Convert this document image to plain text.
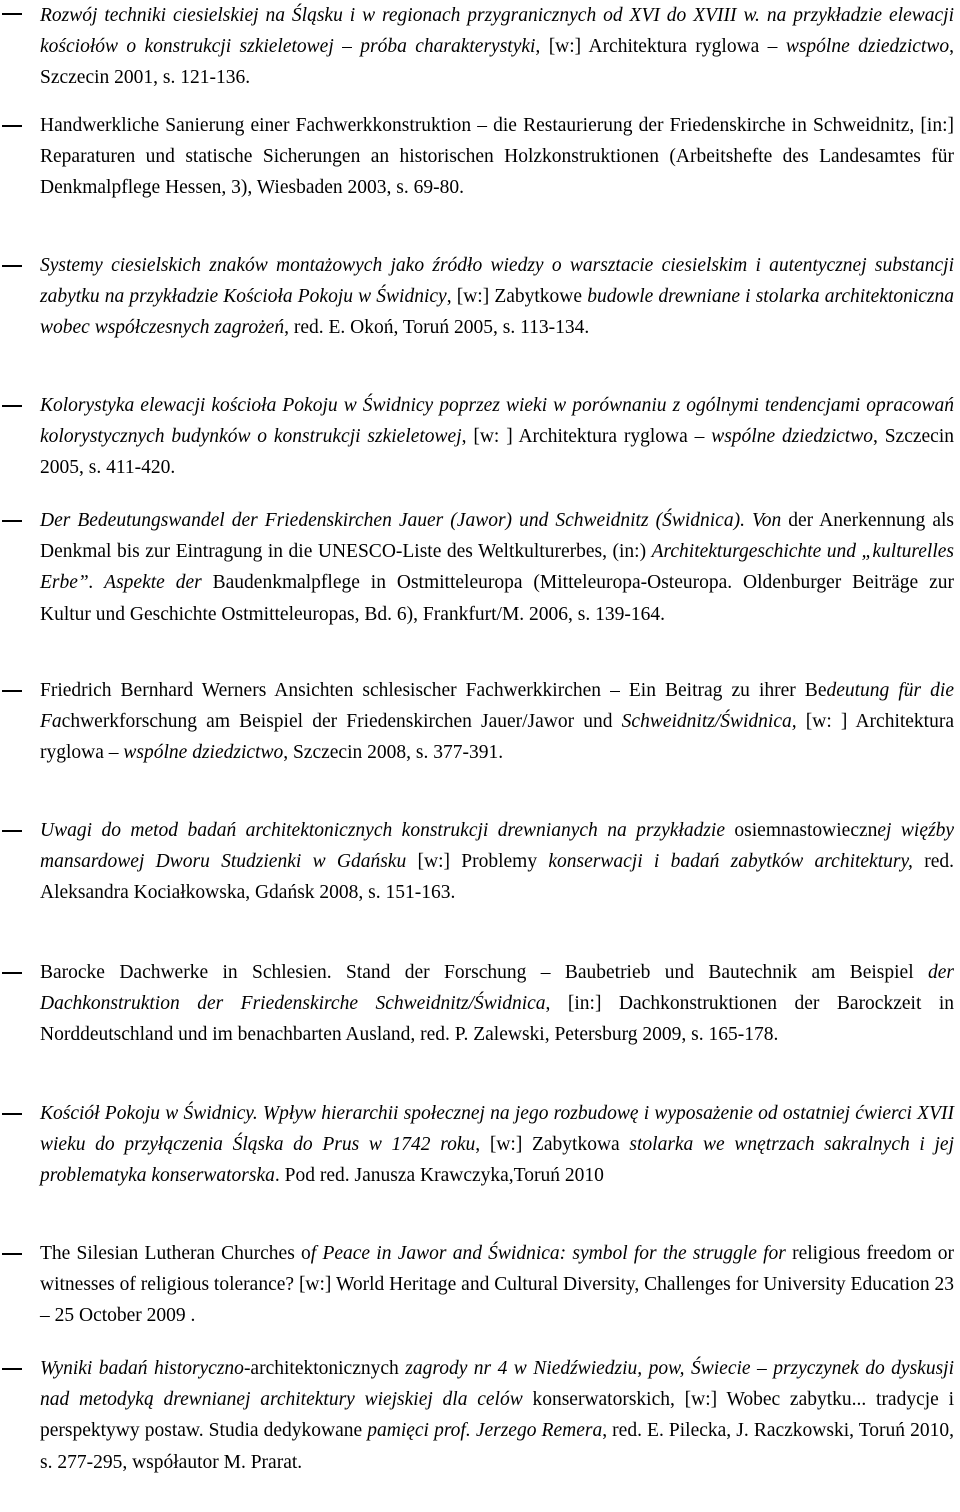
Rozwój techniki ciesielskiej na Śląsku i w regionach przygranicznych od XVI do XVIII w. na przykładzie elewacji kościołów o konstrukcji szkieletowej – próba charakterystyki, [w:] Architektura ryglowa – wspólne dziedzictwo, Szczecin 2001, s. 121-136.
Handwerkliche Sanierung einer Fachwerkkonstruktion – die Restaurierung der Friedenskirche in Schweidnitz, [in:] Reparaturen und statische Sicherungen an historischen Holzkonstruktionen (Arbeitshefte des Landesamtes für Denkmalpflege Hessen, 3), Wiesbaden 2003, s. 69-80.
Systemy ciesielskich znaków montażowych jako źródło wiedzy o warsztacie ciesielskim i autentycznej substancji zabytku na przykładzie Kościoła Pokoju w Świdnicy, [w:] Zabytkowe budowle drewniane i stolarka architektoniczna wobec współczesnych zagrożeń, red. E. Okoń, Toruń 2005, s. 113-134.
Kolorystyka elewacji kościoła Pokoju w Świdnicy poprzez wieki w porównaniu z ogólnymi tendencjami opracowań kolorystycznych budynków o konstrukcji szkieletowej, [w: ] Architektura ryglowa – wspólne dziedzictwo, Szczecin 2005, s. 411-420.
Der Bedeutungswandel der Friedenskirchen Jauer (Jawor) und Schweidnitz (Świdnica). Von der Anerkennung als Denkmal bis zur Eintragung in die UNESCO-Liste des Weltkulturerbes, (in:) Architekturgeschichte und „kulturelles Erbe”. Aspekte der Baudenkmalpflege in Ostmitteleuropa (Mitteleuropa-Osteuropa. Oldenburger Beiträge zur Kultur und Geschichte Ostmitteleuropas, Bd. 6), Frankfurt/M. 2006, s. 139-164.
Friedrich Bernhard Werners Ansichten schlesischer Fachwerkkirchen – Ein Beitrag zu ihrer Bedeutung für die Fachwerkforschung am Beispiel der Friedenskirchen Jauer/Jawor und Schweidnitz/Świdnica, [w: ] Architektura ryglowa – wspólne dziedzictwo, Szczecin 2008, s. 377-391.
Uwagi do metod badań architektonicznych konstrukcji drewnianych na przykładzie osiemnastowiecznej więźby mansardowej Dworu Studzienki w Gdańsku [w:] Problemy konserwacji i badań zabytków architektury, red. Aleksandra Kociałkowska, Gdańsk 2008, s. 151-163.
Barocke Dachwerke in Schlesien. Stand der Forschung – Baubetrieb und Bautechnik am Beispiel der Dachkonstruktion der Friedenskirche Schweidnitz/Świdnica, [in:] Dachkonstruktionen der Barockzeit in Norddeutschland und im benachbarten Ausland, red. P. Zalewski, Petersburg 2009, s. 165-178.
Kościół Pokoju w Świdnicy. Wpływ hierarchii społecznej na jego rozbudowę i wyposażenie od ostatniej ćwierci XVII wieku do przyłączenia Śląska do Prus w 1742 roku, [w:] Zabytkowa stolarka we wnętrzach sakralnych i jej problematyka konserwatorska. Pod red. Janusza Krawczyka,Toruń 2010
The Silesian Lutheran Churches of Peace in Jawor and Świdnica: symbol for the struggle for religious freedom or witnesses of religious tolerance? [w:] World Heritage and Cultural Diversity, Challenges for University Education 23 – 25 October 2009 .
Wyniki badań historyczno-architektonicznych zagrody nr 4 w Niedźwiedziu, pow, Świecie – przyczynek do dyskusji nad metodyką drewnianej architektury wiejskiej dla celów konserwatorskich, [w:] Wobec zabytku... tradycje i perspektywy postaw. Studia dedykowane pamięci prof. Jerzego Remera, red. E. Pilecka, J. Raczkowski, Toruń 2010, s. 277-295, współautor M. Prarat.
